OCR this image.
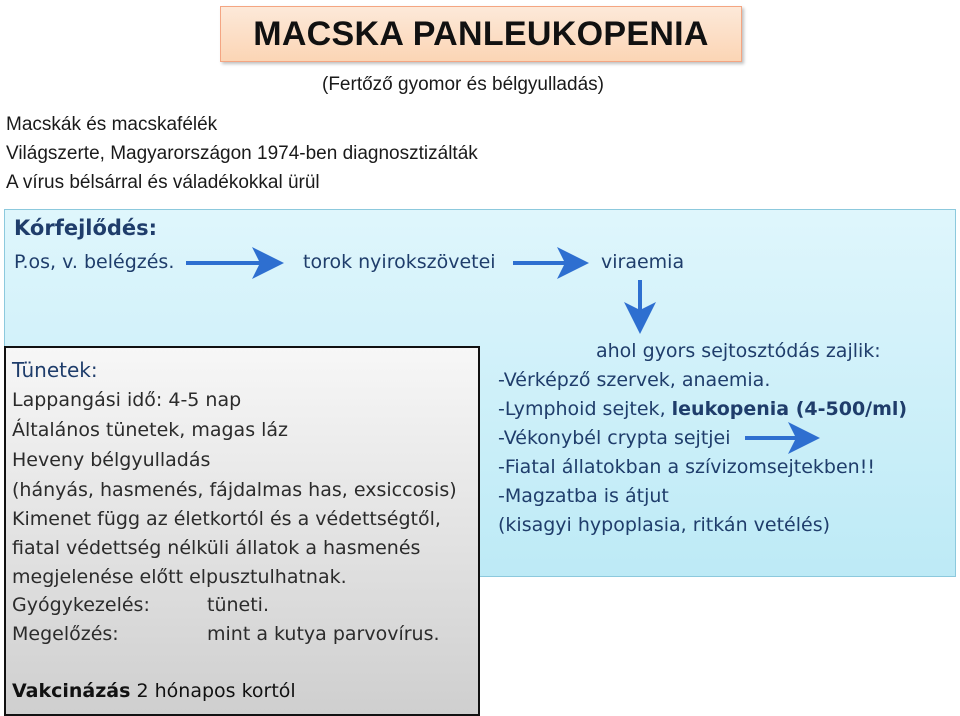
MACSKA PANLEUKOPENIA
(Fertőző gyomor és bélgyulladás)
Macskák és macskafélék
Világszerte, Magyarországon 1974-ben diagnosztizálták
A vírus bélsárral és váladékokkal ürül
Kórfejlődés:
P.os, v. belégzés.	torok nyirokszövetei	viraemia
Tünetek:
Lappangási idő: 4-5 nap
Általános tünetek, magas láz
Heveny bélgyulladás
(hányás, hasmenés, fájdalmas has, exsiccosis)
Kimenet függ az életkortól és a védettségtől,
fiatal védettség nélküli állatok a hasmenés
megjelenése előtt elpusztulhatnak.
Gyógykezelés:	tüneti.
Megelőzés:	mint a kutya parvovírus.
Vakcinázás 2 hónapos kortól
ahol gyors sejtosztódás zajlik:
-Vérképző szervek, anaemia.
-Lymphoid sejtek, leukopenia (4-500/ml)
-Vékonybél crypta sejtjei
-Fiatal állatokban a szívizomsejtekben!!
-Magzatba is átjut
(kisagyi hypoplasia, ritkán vetélés)
